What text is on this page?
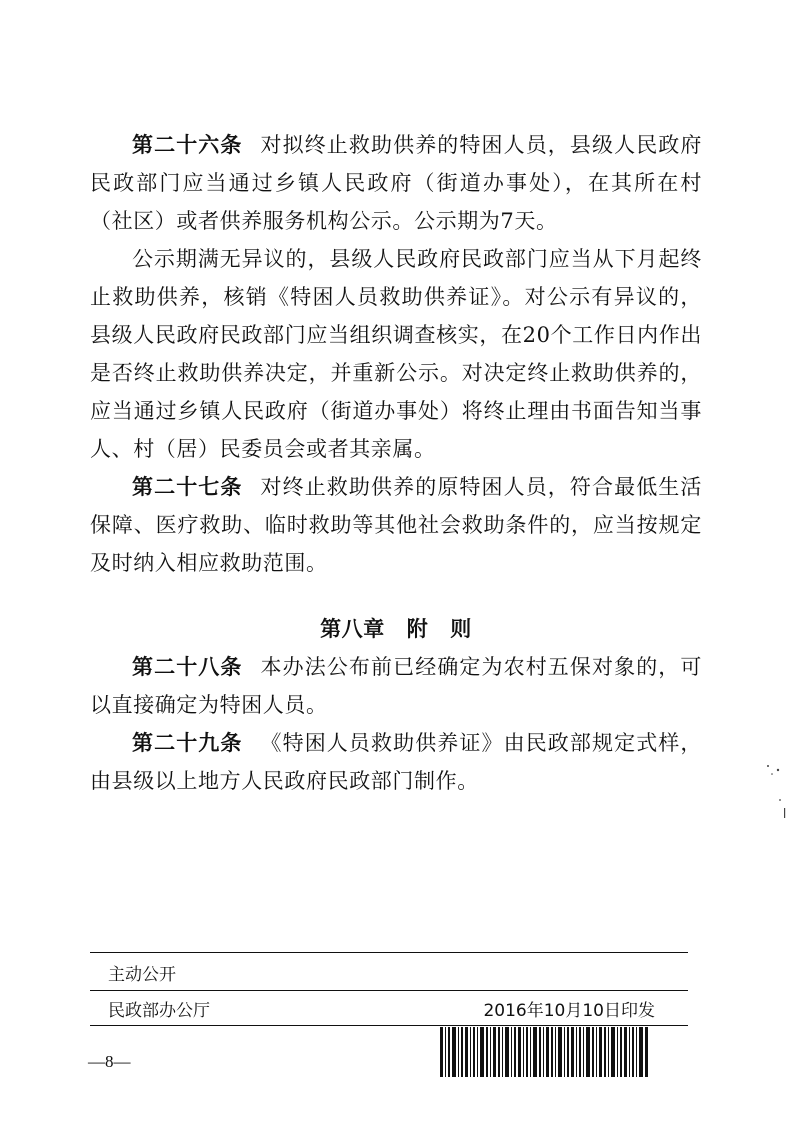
第二十六条 对拟终止救助供养的特困人员，县级人民政府民政部门应当通过乡镇人民政府（街道办事处），在其所在村（社区）或者供养服务机构公示。公示期为7天。

公示期满无异议的，县级人民政府民政部门应当从下月起终止救助供养，核销《特困人员救助供养证》。对公示有异议的，县级人民政府民政部门应当组织调查核实，在20个工作日内作出是否终止救助供养决定，并重新公示。对决定终止救助供养的，应当通过乡镇人民政府（街道办事处）将终止理由书面告知当事人、村（居）民委员会或者其亲属。

第二十七条 对终止救助供养的原特困人员，符合最低生活保障、医疗救助、临时救助等其他社会救助条件的，应当按规定及时纳入相应救助范围。

第八章 附 则

第二十八条 本办法公布前已经确定为农村五保对象的，可以直接确定为特困人员。

第二十九条 《特困人员救助供养证》由民政部规定式样，由县级以上地方人民政府民政部门制作。

主动公开
民政部办公厅	2016年10月10日印发
—8—
